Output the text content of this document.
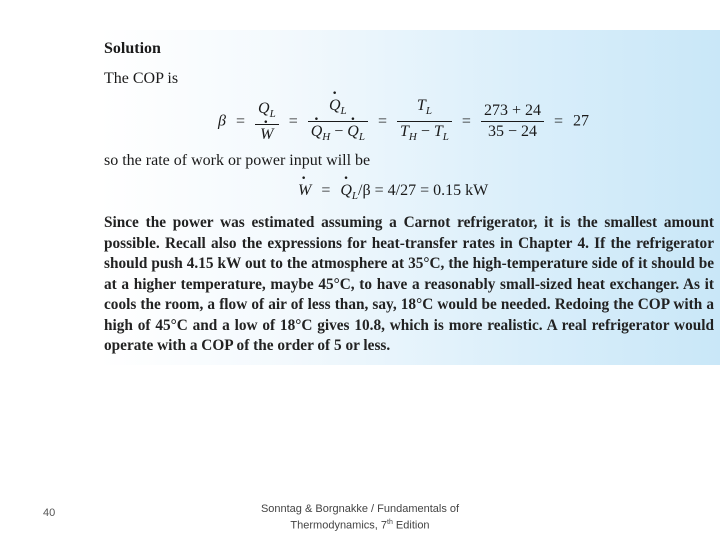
Solution
The COP is
$\beta = Q_L$
· W = · $Q_L$
· $Q_H$ − · $Q_L = \frac{T_L}{T_H - T_L} = \frac{273 + 24}{35 - 24} = 27$
so the rate of work or power input will be
· W = · $Q_L/\beta = 4/27 = 0.15$ kW
Since the power was estimated assuming a Carnot refrigerator, it is the smallest amount possible. Recall also the expressions for heat-transfer rates in Chapter 4. If the refrigerator should push 4.15 kW out to the atmosphere at 35°C, the high-temperature side of it should be at a higher temperature, maybe 45°C, to have a reasonably small-sized heat exchanger. As it cools the room, a flow of air of less than, say, 18°C would be needed. Redoing the COP with a high of 45°C and a low of 18°C gives 10.8, which is more realistic. A real refrigerator would operate with a COP of the order of 5 or less.
40	Sonntag & Borgnakke / Fundamentals of
Thermodynamics, 7th Edition
